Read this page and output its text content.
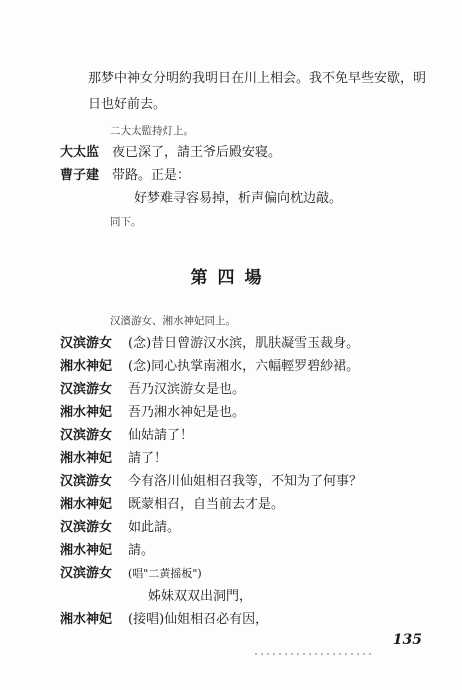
那梦中神女分明約我明日在川上相会。我不免早些安歇，明
日也好前去。
二大太監持灯上。
大太监 夜已深了，請王爷后殿安寝。
曹子建 带路。正是：
好梦难寻容易掉，析声偏向枕边敲。
同下。
第四場
汉濱游女、湘水神妃同上。
汉滨游女 (念)昔日曾游汉水滨，肌肤凝雪玉裁身。
湘水神妃 (念)同心执掌南湘水，六幅輕罗碧紗裙。
汉滨游女 吾乃汉滨游女是也。
湘水神妃 吾乃湘水神妃是也。
汉滨游女 仙姑請了！
湘水神妃 請了！
汉滨游女 今有洛川仙姐相召我等，不知为了何事？
湘水神妃 既蒙相召，自当前去才是。
汉滨游女 如此請。
湘水神妃 請。
汉滨游女 (唱"二黄摇板")
姊妹双双出洞門，
湘水神妃 (接唱)仙姐相召必有因，
135
